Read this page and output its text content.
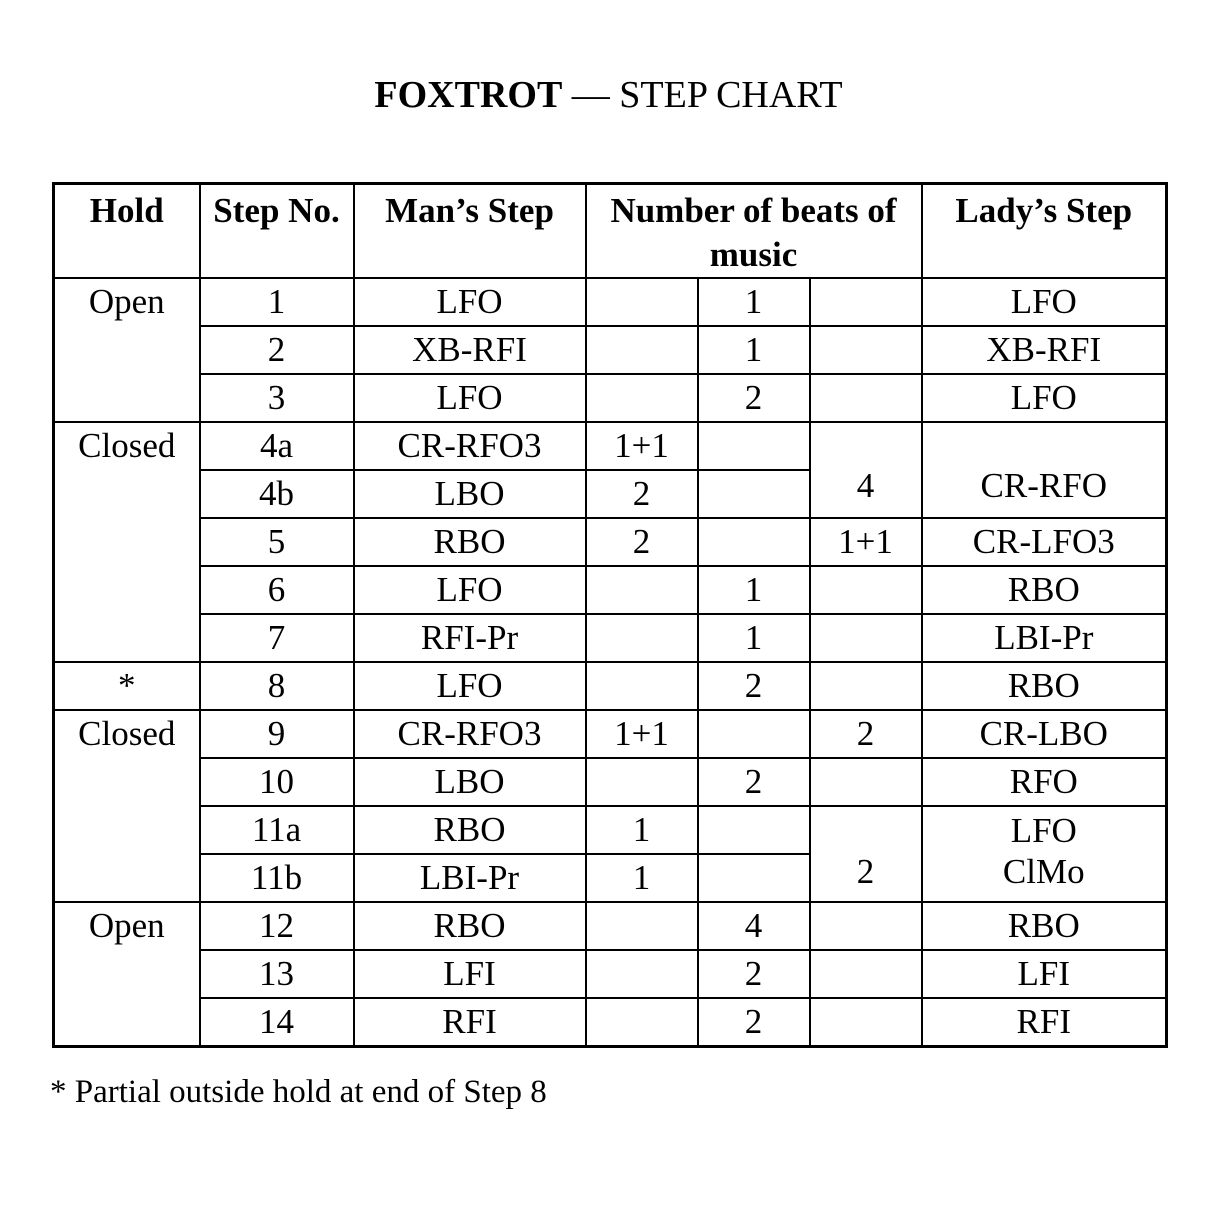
FOXTROT — STEP CHART
Hold	Step No.	Man’s Step	Number of beats of music			Lady’s Step
Open	1	LFO		1		LFO
	2	XB-RFI		1		XB-RFI
	3	LFO		2		LFO
Closed	4a	CR-RFO3	1+1			
	4b	LBO	2		4	CR-RFO
	5	RBO	2		1+1	CR-LFO3
	6	LFO		1		RBO
	7	RFI-Pr		1		LBI-Pr
*	8	LFO		2		RBO
Closed	9	CR-RFO3	1+1		2	CR-LBO
	10	LBO		2		RFO
	11a	RBO	1			LFO
	11b	LBI-Pr	1		2	ClMo
Open	12	RBO		4		RBO
	13	LFI		2		LFI
	14	RFI		2		RFI
* Partial outside hold at end of Step 8
